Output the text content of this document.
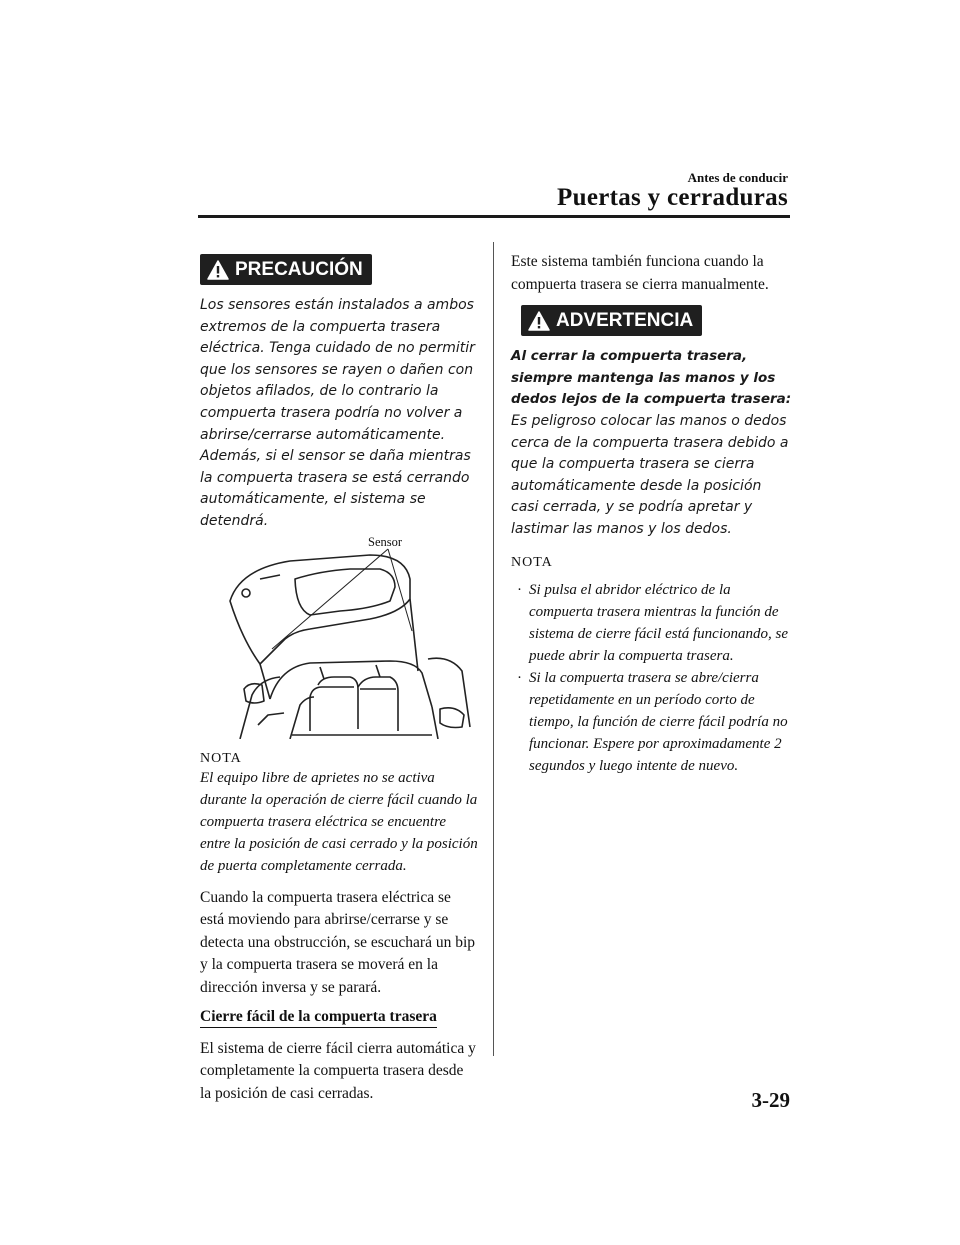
Antes de conducir
Puertas y cerraduras
PRECAUCIÓN

Los sensores están instalados a ambos extremos de la compuerta trasera eléctrica. Tenga cuidado de no permitir que los sensores se rayen o dañen con objetos afilados, de lo contrario la compuerta trasera podría no volver a abrirse/cerrarse automáticamente. Además, si el sensor se daña mientras la compuerta trasera se está cerrando automáticamente, el sistema se detendrá.

Sensor

NOTA

El equipo libre de aprietes no se activa durante la operación de cierre fácil cuando la compuerta trasera eléctrica se encuentre entre la posición de casi cerrado y la posición de puerta completamente cerrada.

Cuando la compuerta trasera eléctrica se está moviendo para abrirse/cerrarse y se detecta una obstrucción, se escuchará un bip y la compuerta trasera se moverá en la dirección inversa y se parará.

Cierre fácil de la compuerta trasera

El sistema de cierre fácil cierra automática y completamente la compuerta trasera desde la posición de casi cerradas.

Este sistema también funciona cuando la compuerta trasera se cierra manualmente.

ADVERTENCIA

Al cerrar la compuerta trasera, siempre mantenga las manos y los dedos lejos de la compuerta trasera:

Es peligroso colocar las manos o dedos cerca de la compuerta trasera debido a que la compuerta trasera se cierra automáticamente desde la posición casi cerrada, y se podría apretar y lastimar las manos y los dedos.

NOTA

· Si pulsa el abridor eléctrico de la compuerta trasera mientras la función de sistema de cierre fácil está funcionando, se puede abrir la compuerta trasera.
· Si la compuerta trasera se abre/cierra repetidamente en un período corto de tiempo, la función de cierre fácil podría no funcionar. Espere por aproximadamente 2 segundos y luego intente de nuevo.
3-29
